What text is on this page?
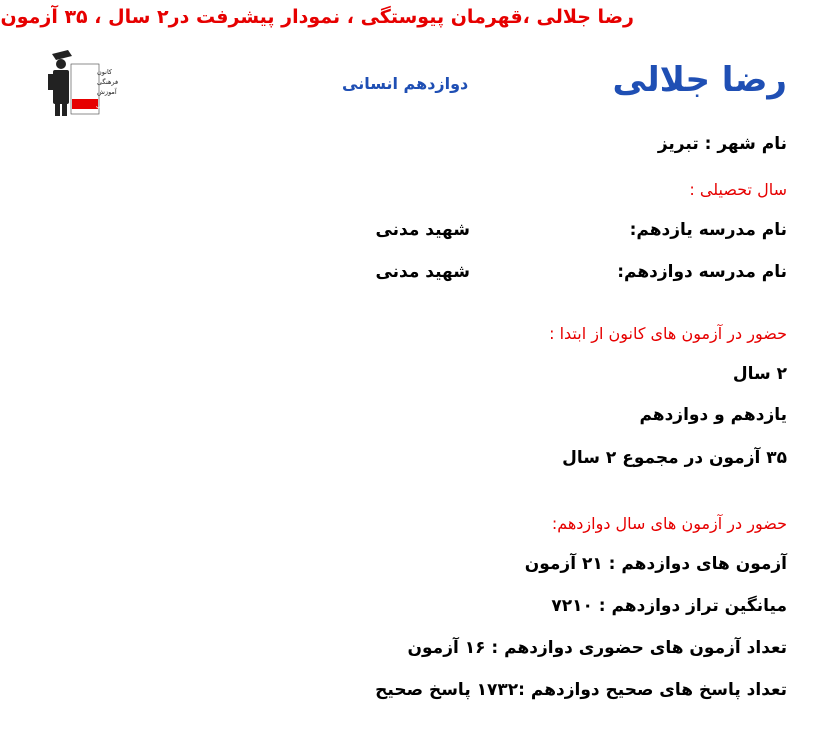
رضا جلالی ،قهرمان پیوستگی ، نمودار پیشرفت در۲ سال ، ۳۵ آزمون
رضا جلالی
دوازدهم انسانی
کانون
فرهنگی
آموزش
قلم‌چی
نام شهر : تبریز
سال تحصیلی :
نام مدرسه یازدهم:
شهید مدنی
نام مدرسه دوازدهم:
شهید مدنی
حضور در آزمون های کانون از ابتدا :
۲ سال
یازدهم و دوازدهم
۳۵ آزمون در مجموع ۲ سال
حضور در آزمون های سال دوازدهم:
آزمون های دوازدهم : ۲۱ آزمون
میانگین تراز دوازدهم : ۷۲۱۰
تعداد آزمون های حضوری دوازدهم : ۱۶ آزمون
تعداد پاسخ های صحیح دوازدهم :۱۷۳۲ پاسخ صحیح
